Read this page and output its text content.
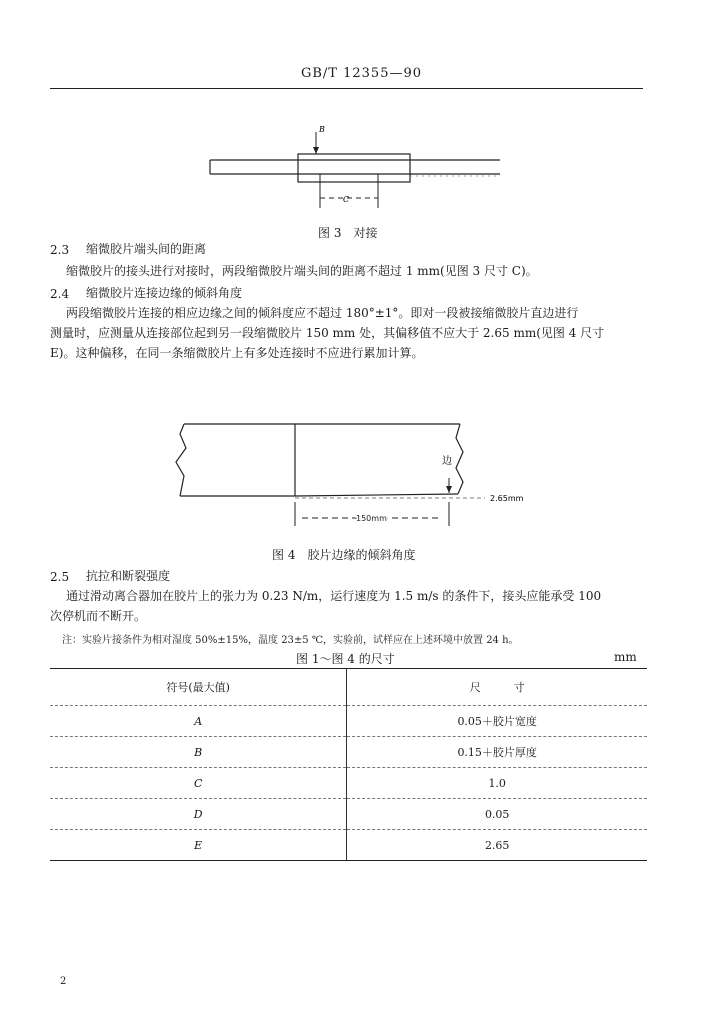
GB/T 12355—90
B
C
图 3　对接
2.3 缩微胶片端头间的距离
缩微胶片的接头进行对接时，两段缩微胶片端头间的距离不超过 1 mm(见图 3 尺寸 C)。
2.4 缩微胶片连接边缘的倾斜角度
两段缩微胶片连接的相应边缘之间的倾斜度应不超过 180°±1°。即对一段被接缩微胶片直边进行
测量时，应测量从连接部位起到另一段缩微胶片 150 mm 处，其偏移值不应大于 2.65 mm(见图 4 尺寸
E)。这种偏移，在同一条缩微胶片上有多处连接时不应进行累加计算。
边
2.65mm
150mm
图 4　胶片边缘的倾斜角度
2.5 抗拉和断裂强度
通过滑动离合器加在胶片上的张力为 0.23 N/m，运行速度为 1.5 m/s 的条件下，接头应能承受 100
次停机而不断开。
注：实验片接条件为相对湿度 50%±15%，温度 23±5 ℃，实验前，试样应在上述环境中放置 24 h。
图 1～图 4 的尺寸	mm
符号(最大值)	尺　　　寸
A	0.05＋胶片宽度
B	0.15＋胶片厚度
C	1.0
D	0.05
E	2.65
2
